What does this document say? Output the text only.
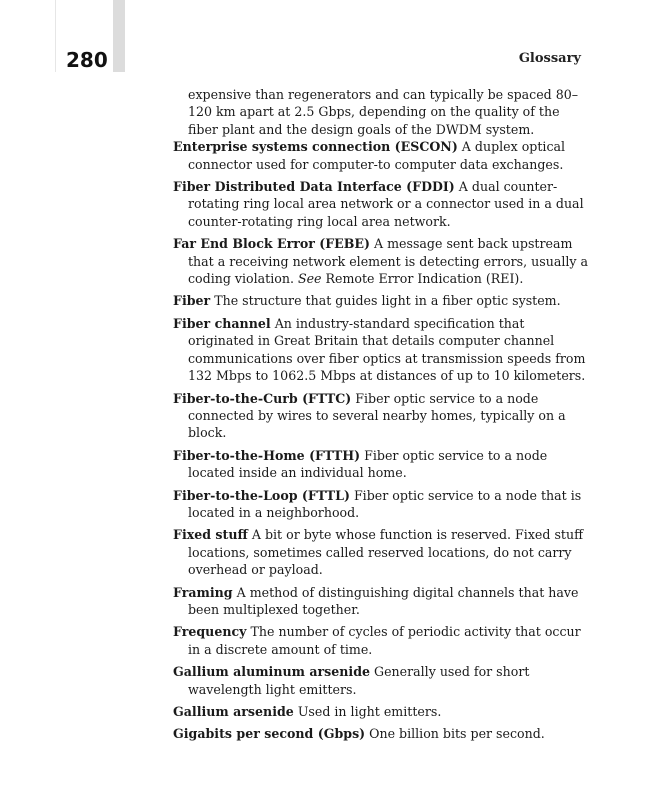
280	Glossary

expensive than regenerators and can typically be spaced 80–120 km apart at 2.5 Gbps, depending on the quality of the fiber plant and the design goals of the DWDM system.

Enterprise systems connection (ESCON) A duplex optical connector used for computer-to computer data exchanges.

Fiber Distributed Data Interface (FDDI) A dual counter-rotating ring local area network or a connector used in a dual counter-rotating ring local area network.

Far End Block Error (FEBE) A message sent back upstream that a receiving network element is detecting errors, usually a coding violation. See Remote Error Indication (REI).

Fiber The structure that guides light in a fiber optic system.

Fiber channel An industry-standard specification that originated in Great Britain that details computer channel communications over fiber optics at transmission speeds from 132 Mbps to 1062.5 Mbps at distances of up to 10 kilometers.

Fiber-to-the-Curb (FTTC) Fiber optic service to a node connected by wires to several nearby homes, typically on a block.

Fiber-to-the-Home (FTTH) Fiber optic service to a node located inside an individual home.

Fiber-to-the-Loop (FTTL) Fiber optic service to a node that is located in a neighborhood.

Fixed stuff A bit or byte whose function is reserved. Fixed stuff locations, sometimes called reserved locations, do not carry overhead or payload.

Framing A method of distinguishing digital channels that have been multiplexed together.

Frequency The number of cycles of periodic activity that occur in a discrete amount of time.

Gallium aluminum arsenide Generally used for short wavelength light emitters.

Gallium arsenide Used in light emitters.

Gigabits per second (Gbps) One billion bits per second.
